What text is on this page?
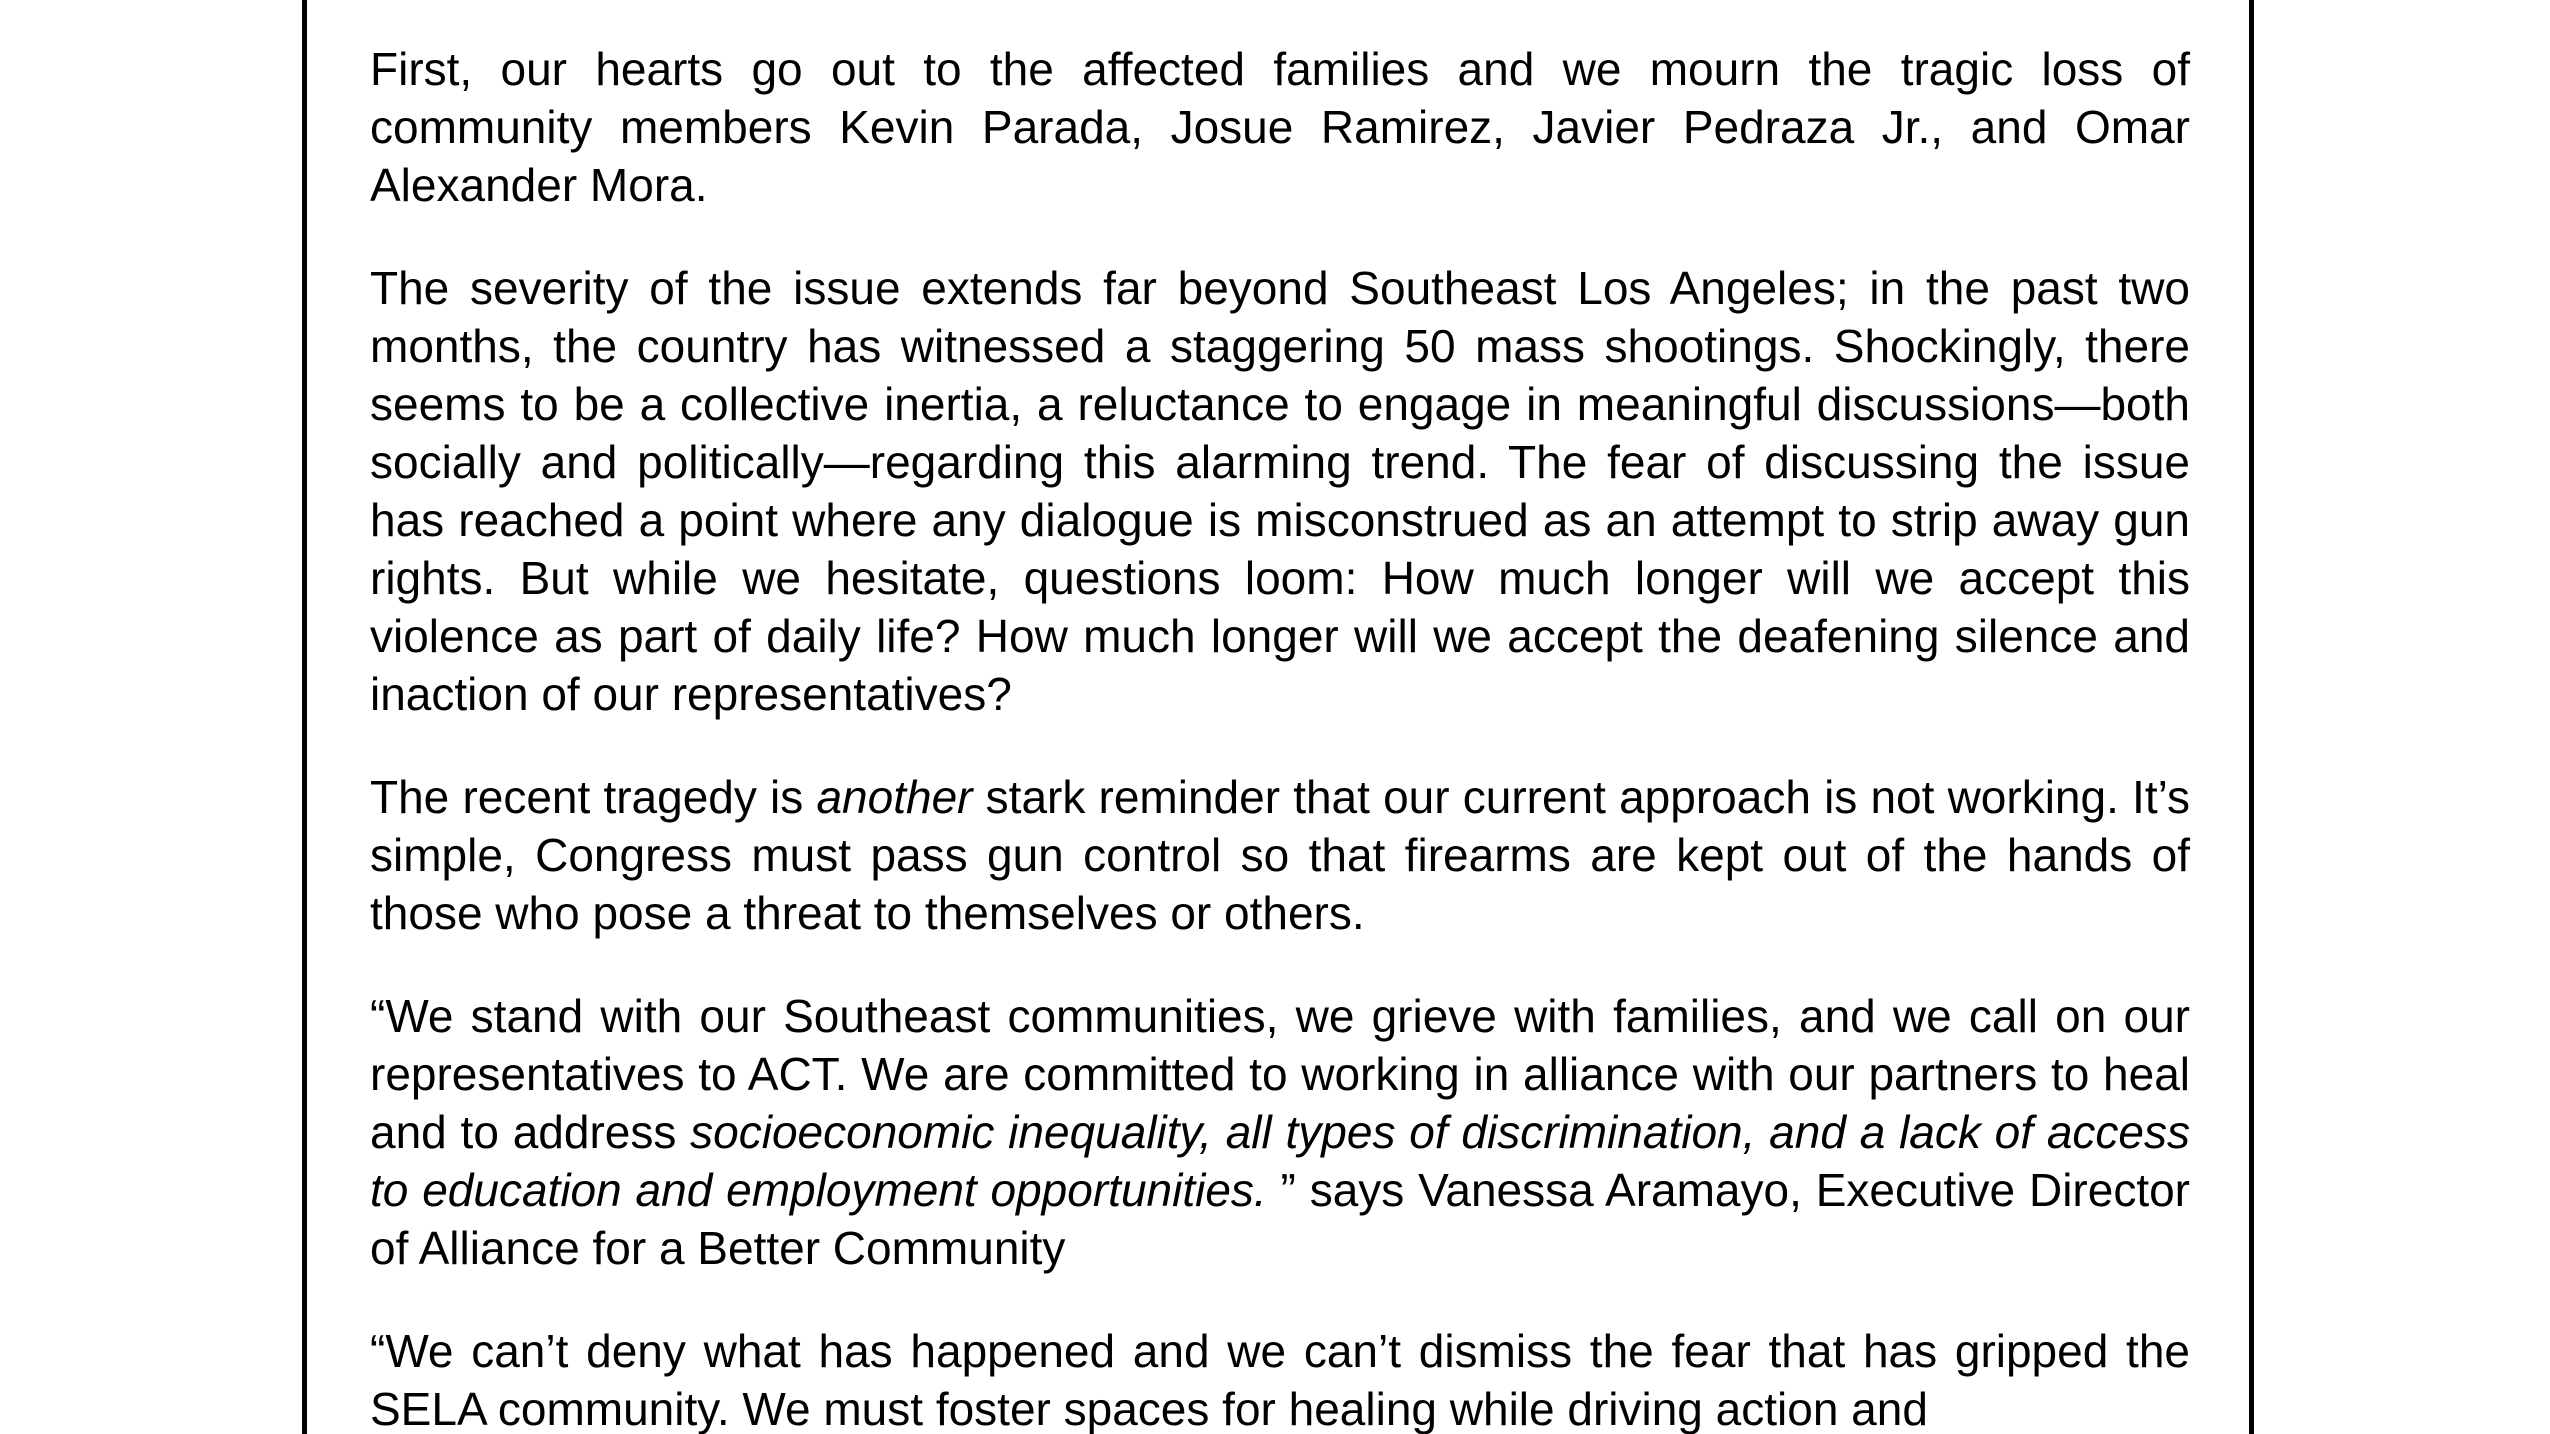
First, our hearts go out to the affected families and we mourn the tragic loss of community members Kevin Parada, Josue Ramirez, Javier Pedraza Jr., and Omar Alexander Mora.

The severity of the issue extends far beyond Southeast Los Angeles; in the past two months, the country has witnessed a staggering 50 mass shootings. Shockingly, there seems to be a collective inertia, a reluctance to engage in meaningful discussions—both socially and politically—regarding this alarming trend. The fear of discussing the issue has reached a point where any dialogue is misconstrued as an attempt to strip away gun rights. But while we hesitate, questions loom: How much longer will we accept this violence as part of daily life? How much longer will we accept the deafening silence and inaction of our representatives?

The recent tragedy is another stark reminder that our current approach is not working. It’s simple, Congress must pass gun control so that firearms are kept out of the hands of those who pose a threat to themselves or others.

“We stand with our Southeast communities, we grieve with families, and we call on our representatives to ACT. We are committed to working in alliance with our partners to heal and to address socioeconomic inequality, all types of discrimination, and a lack of access to education and employment opportunities. ” says Vanessa Aramayo, Executive Director of Alliance for a Better Community

“We can’t deny what has happened and we can’t dismiss the fear that has gripped the SELA community. We must foster spaces for healing while driving action and
